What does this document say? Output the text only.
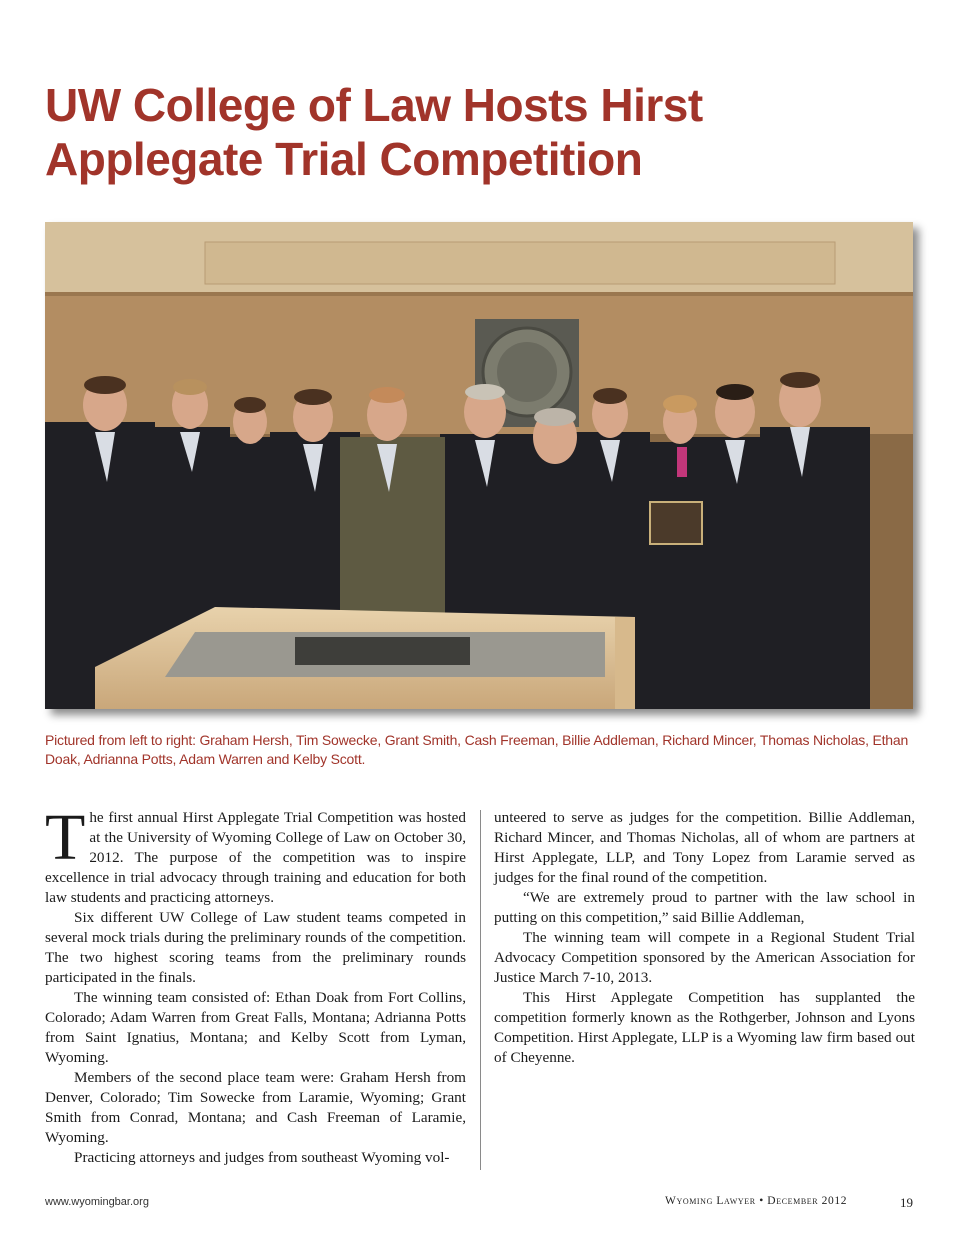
UW College of Law Hosts Hirst Applegate Trial Competition

Pictured from left to right: Graham Hersh, Tim Sowecke, Grant Smith, Cash Freeman, Billie Addleman, Richard Mincer, Thomas Nicholas, Ethan Doak, Adrianna Potts, Adam Warren and Kelby Scott.

The first annual Hirst Applegate Trial Competition was hosted at the University of Wyoming College of Law on October 30, 2012. The purpose of the competition was to inspire excellence in trial advocacy through training and education for both law students and practicing attorneys.

Six different UW College of Law student teams competed in several mock trials during the preliminary rounds of the competition. The two highest scoring teams from the preliminary rounds participated in the finals.

The winning team consisted of: Ethan Doak from Fort Collins, Colorado; Adam Warren from Great Falls, Montana; Adrianna Potts from Saint Ignatius, Montana; and Kelby Scott from Lyman, Wyoming.

Members of the second place team were: Graham Hersh from Denver, Colorado; Tim Sowecke from Laramie, Wyoming; Grant Smith from Conrad, Montana; and Cash Freeman of Laramie, Wyoming.

Practicing attorneys and judges from southeast Wyoming vol-

unteered to serve as judges for the competition. Billie Addleman, Richard Mincer, and Thomas Nicholas, all of whom are partners at Hirst Applegate, LLP, and Tony Lopez from Laramie served as judges for the final round of the competition.

“We are extremely proud to partner with the law school in putting on this competition,” said Billie Addleman,

The winning team will compete in a Regional Student Trial Advocacy Competition sponsored by the American Association for Justice March 7-10, 2013.

This Hirst Applegate Competition has supplanted the competition formerly known as the Rothgerber, Johnson and Lyons Competition. Hirst Applegate, LLP is a Wyoming law firm based out of Cheyenne.

www.wyomingbar.org	Wyoming Lawyer • December 2012	19
